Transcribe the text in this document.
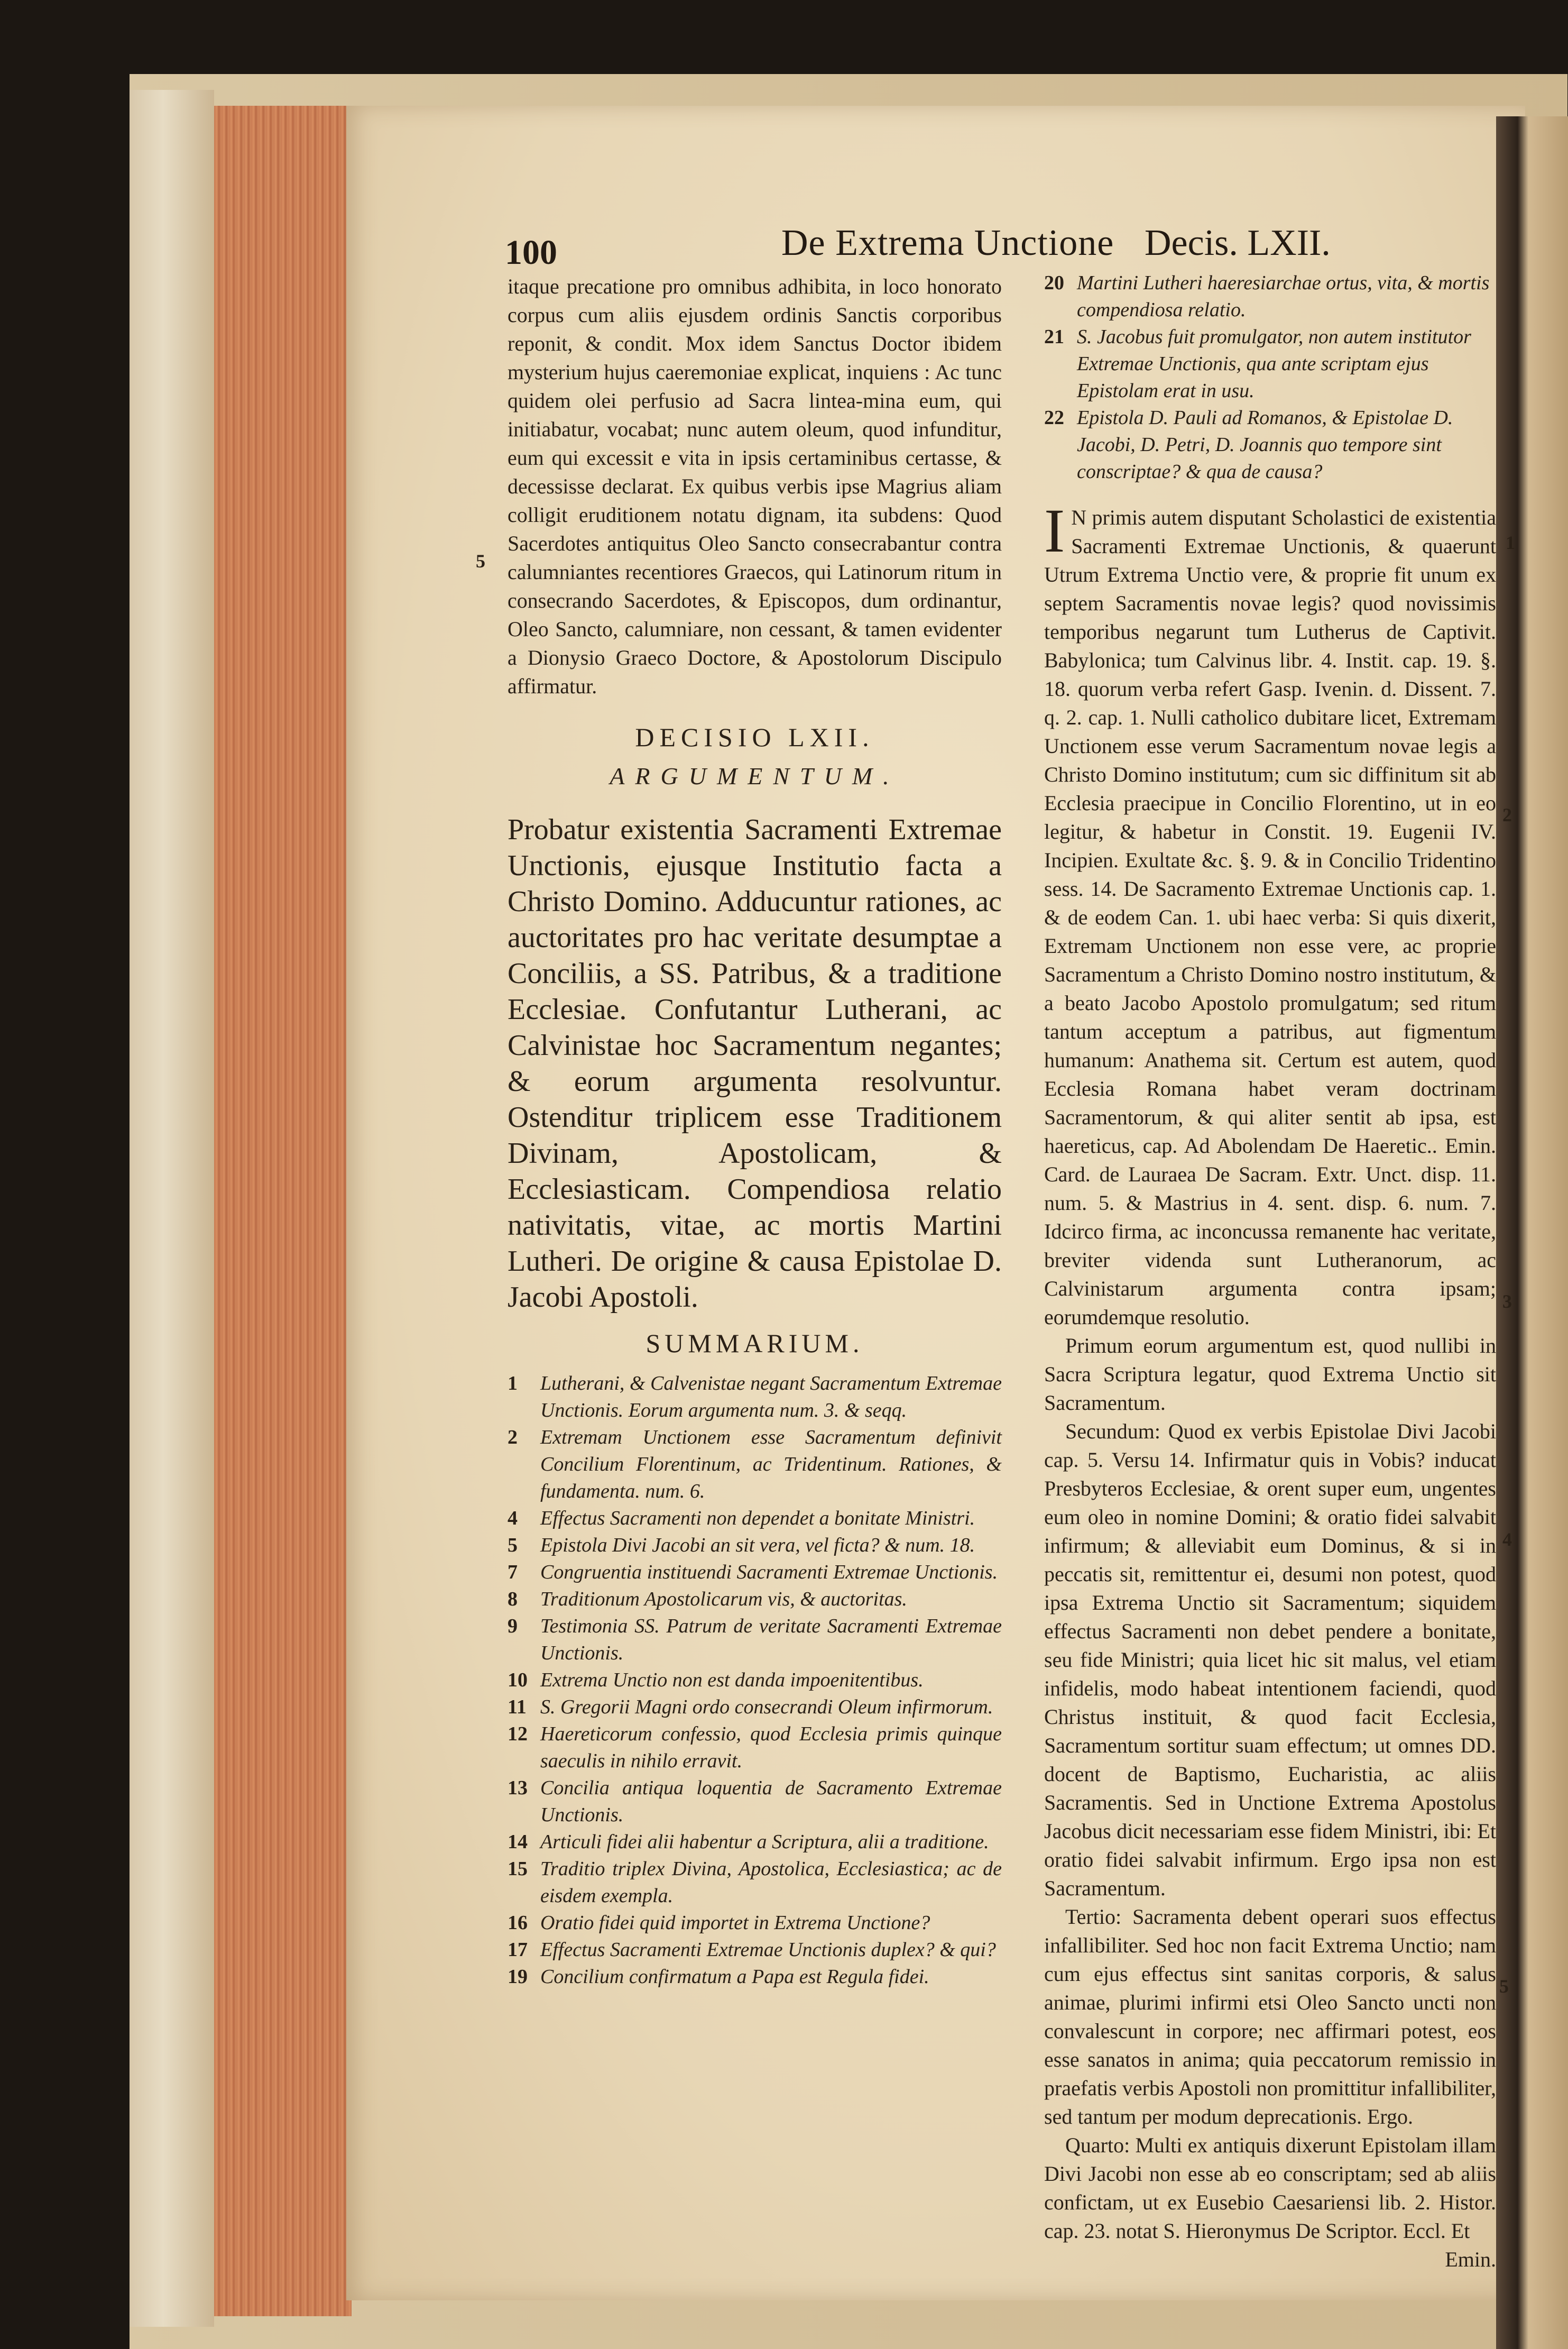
100	De Extrema Unctione Decis. LXII.

itaque precatione pro omnibus adhibita, in loco honorato corpus cum aliis ejusdem ordinis Sanctis corporibus reponit, & condit. Mox idem Sanctus Doctor ibidem mysterium hujus caeremoniae explicat, inquiens : Ac tunc quidem olei perfusio ad Sacra lintea-mina eum, qui initiabatur, vocabat; nunc autem oleum, quod infunditur, eum qui excessit e vita in ipsis certaminibus certasse, & decessisse declarat. Ex quibus verbis ipse Magrius aliam colligit eruditionem notatu dignam, ita subdens: Quod Sacerdotes antiquitus Oleo Sancto consecrabantur contra calumniantes recentiores Graecos, qui Latinorum ritum in consecrando Sacerdotes, & Episcopos, dum ordinantur, Oleo Sancto, calumniare, non cessant, & tamen evidenter a Dionysio Graeco Doctore, & Apostolorum Discipulo affirmatur.

DECISIO LXII.
ARGUMENTUM.

Probatur existentia Sacramenti Extremae Unctionis, ejusque Institutio facta a Christo Domino. Adducuntur rationes, ac auctoritates pro hac veritate desumptae a Conciliis, a SS. Patribus, & a traditione Ecclesiae. Confutantur Lutherani, ac Calvinistae hoc Sacramentum negantes; & eorum argumenta resolvuntur. Ostenditur triplicem esse Traditionem Divinam, Apostolicam, & Ecclesiasticam. Compendiosa relatio nativitatis, vitae, ac mortis Martini Lutheri. De origine & causa Epistolae D. Jacobi Apostoli.

SUMMARIUM.
1 Lutherani, & Calvenistae negant Sacramentum Extremae Unctionis. Eorum argumenta num. 3. & seqq.
2 Extremam Unctionem esse Sacramentum definivit Concilium Florentinum, ac Tridentinum. Rationes, & fundamenta. num. 6.
4 Effectus Sacramenti non dependet a bonitate Ministri.
5 Epistola Divi Jacobi an sit vera, vel ficta? & num. 18.
7 Congruentia instituendi Sacramenti Extremae Unctionis.
8 Traditionum Apostolicarum vis, & auctoritas.
9 Testimonia SS. Patrum de veritate Sacramenti Extremae Unctionis.
10 Extrema Unctio non est danda impoenitentibus.
11 S. Gregorii Magni ordo consecrandi Oleum infirmorum.
12 Haereticorum confessio, quod Ecclesia primis quinque saeculis in nihilo erravit.
13 Concilia antiqua loquentia de Sacramento Extremae Unctionis.
14 Articuli fidei alii habentur a Scriptura, alii a traditione.
15 Traditio triplex Divina, Apostolica, Ecclesiastica; ac de eisdem exempla.
16 Oratio fidei quid importet in Extrema Unctione?
17 Effectus Sacramenti Extremae Unctionis duplex? & qui?
19 Concilium confirmatum a Papa est Regula fidei.
5
20 Martini Lutheri haeresiarchae ortus, vita, & mortis compendiosa relatio.
21 S. Jacobus fuit promulgator, non autem institutor Extremae Unctionis, qua ante scriptam ejus Epistolam erat in usu.
22 Epistola D. Pauli ad Romanos, & Epistolae D. Jacobi, D. Petri, D. Joannis quo tempore sint conscriptae? & qua de causa?

I N primis autem disputant Scholastici de existentia Sacramenti Extremae Unctionis, & quaerunt Utrum Extrema Unctio vere, & proprie fit unum ex septem Sacramentis novae legis? quod novissimis temporibus negarunt tum Lutherus de Captivit. Babylonica; tum Calvinus libr. 4. Instit. cap. 19. §. 18. quorum verba refert Gasp. Ivenin. d. Dissent. 7. q. 2. cap. 1. Nulli catholico dubitare licet, Extremam Unctionem esse verum Sacramentum novae legis a Christo Domino institutum; cum sic diffinitum sit ab Ecclesia praecipue in Concilio Florentino, ut in eo legitur, & habetur in Constit. 19. Eugenii IV. Incipien. Exultate &c. §. 9. & in Concilio Tridentino sess. 14. De Sacramento Extremae Unctionis cap. 1. & de eodem Can. 1. ubi haec verba: Si quis dixerit, Extremam Unctionem non esse vere, ac proprie Sacramentum a Christo Domino nostro institutum, & a beato Jacobo Apostolo promulgatum; sed ritum tantum acceptum a patribus, aut figmentum humanum: Anathema sit. Certum est autem, quod Ecclesia Romana habet veram doctrinam Sacramentorum, & qui aliter sentit ab ipsa, est haereticus, cap. Ad Abolendam De Haeretic.. Emin. Card. de Lauraea De Sacram. Extr. Unct. disp. 11. num. 5. & Mastrius in 4. sent. disp. 6. num. 7. Idcirco firma, ac inconcussa remanente hac veritate, breviter videnda sunt Lutheranorum, ac Calvinistarum argumenta contra ipsam; eorumdemque resolutio.

Primum eorum argumentum est, quod nullibi in Sacra Scriptura legatur, quod Extrema Unctio sit Sacramentum.

Secundum: Quod ex verbis Epistolae Divi Jacobi cap. 5. Versu 14. Infirmatur quis in Vobis? inducat Presbyteros Ecclesiae, & orent super eum, ungentes eum oleo in nomine Domini; & oratio fidei salvabit infirmum; & alleviabit eum Dominus, & si in peccatis sit, remittentur ei, desumi non potest, quod ipsa Extrema Unctio sit Sacramentum; siquidem effectus Sacramenti non debet pendere a bonitate, seu fide Ministri; quia licet hic sit malus, vel etiam infidelis, modo habeat intentionem faciendi, quod Christus instituit, & quod facit Ecclesia, Sacramentum sortitur suam effectum; ut omnes DD. docent de Baptismo, Eucharistia, ac aliis Sacramentis. Sed in Unctione Extrema Apostolus Jacobus dicit necessariam esse fidem Ministri, ibi: Et oratio fidei salvabit infirmum. Ergo ipsa non est Sacramentum.

Tertio: Sacramenta debent operari suos effectus infallibiliter. Sed hoc non facit Extrema Unctio; nam cum ejus effectus sint sanitas corporis, & salus animae, plurimi infirmi etsi Oleo Sancto uncti non convalescunt in corpore; nec affirmari potest, eos esse sanatos in anima; quia peccatorum remissio in praefatis verbis Apostoli non promittitur infallibiliter, sed tantum per modum deprecationis. Ergo.

Quarto: Multi ex antiquis dixerunt Epistolam illam Divi Jacobi non esse ab eo conscriptam; sed ab aliis confictam, ut ex Eusebio Caesariensi lib. 2. Histor. cap. 23. notat S. Hieronymus De Scriptor. Eccl. Et

Emin.

1
2
3
4
5
